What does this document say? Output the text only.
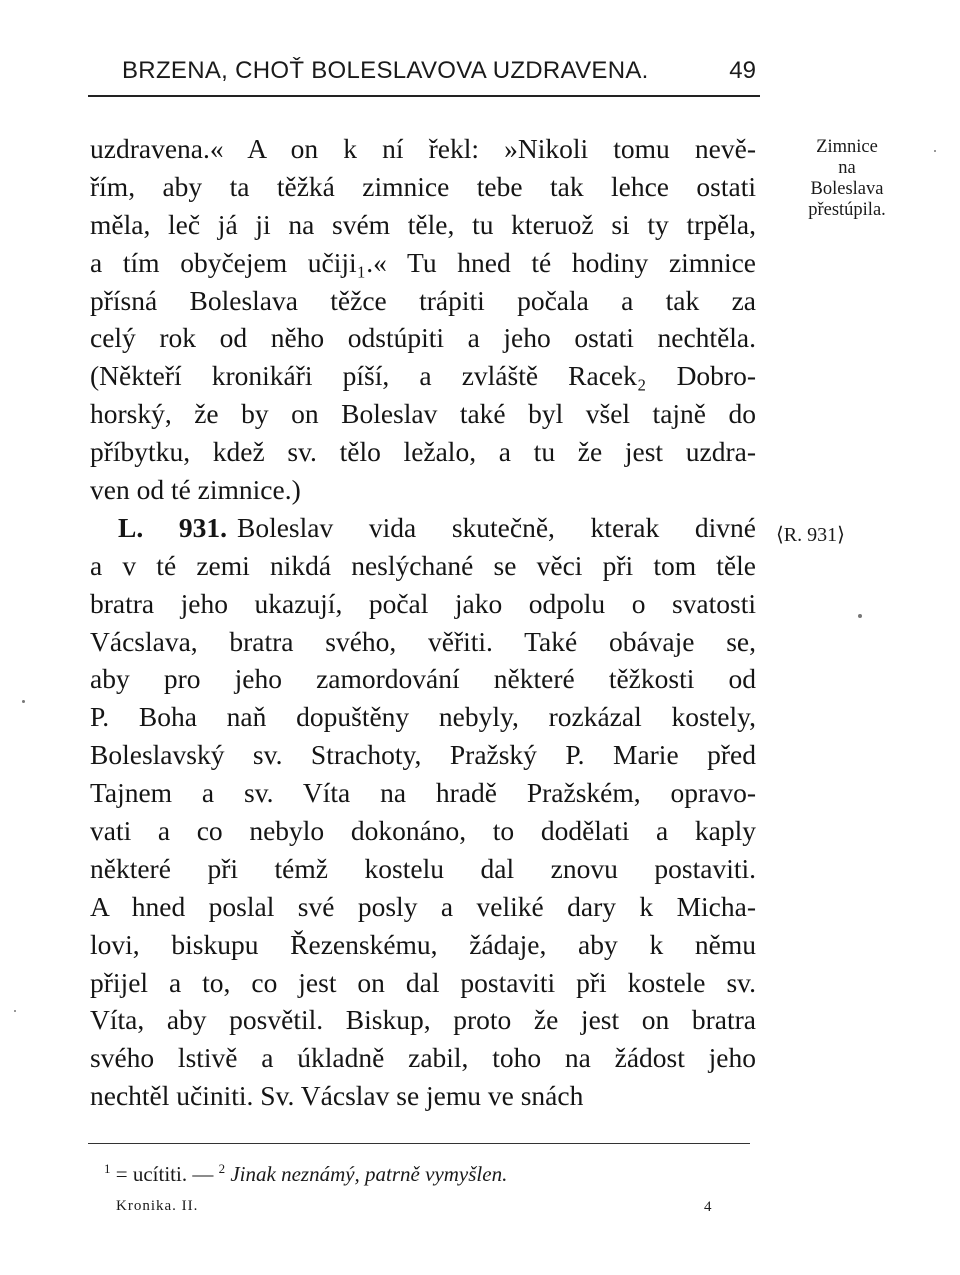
BRZENA, CHOŤ BOLESLAVOVA UZDRAVENA.	49
uzdravena.« A on k ní řekl: »Nikoli tomu nevě-
řím, aby ta těžká zimnice tebe tak lehce ostati
měla, leč já ji na svém těle, tu kteruož si ty trpěla,
a tím obyčejem učiji₁.« Tu hned té hodiny zimnice
přísná Boleslava těžce trápiti počala a tak za
celý rok od něho odstúpiti a jeho ostati nechtěla.
(Někteří kronikáři píší, a zvláště Racek₂ Dobro-
horský, že by on Boleslav také byl všel tajně do
příbytku, kdež sv. tělo ležalo, a tu že jest uzdra-
ven od té zimnice.)
L. 931. Boleslav vida skutečně, kterak divné
a v té zemi nikdá neslýchané se věci při tom těle
bratra jeho ukazují, počal jako odpolu o svatosti
Vácslava, bratra svého, věřiti. Také obávaje se,
aby pro jeho zamordování některé těžkosti od
P. Boha naň dopuštěny nebyly, rozkázal kostely,
Boleslavský sv. Strachoty, Pražský P. Marie před
Tajnem a sv. Víta na hradě Pražském, opravo-
vati a co nebylo dokonáno, to dodělati a kaply
některé při témž kostelu dal znovu postaviti.
A hned poslal své posly a veliké dary k Micha-
lovi, biskupu Řezenskému, žádaje, aby k němu
přijel a to, co jest on dal postaviti při kostele sv.
Víta, aby posvětil. Biskup, proto že jest on bratra
svého lstivě a úkladně zabil, toho na žádost jeho
nechtěl učiniti. Sv. Vácslav se jemu ve snách
Zimnice
na
Boleslava
přestúpila.
⟨R. 931⟩
$^1$ = ucítiti. — $^2$ Jinak neznámý, patrně vymyšlen.
Kronika. II.	4
